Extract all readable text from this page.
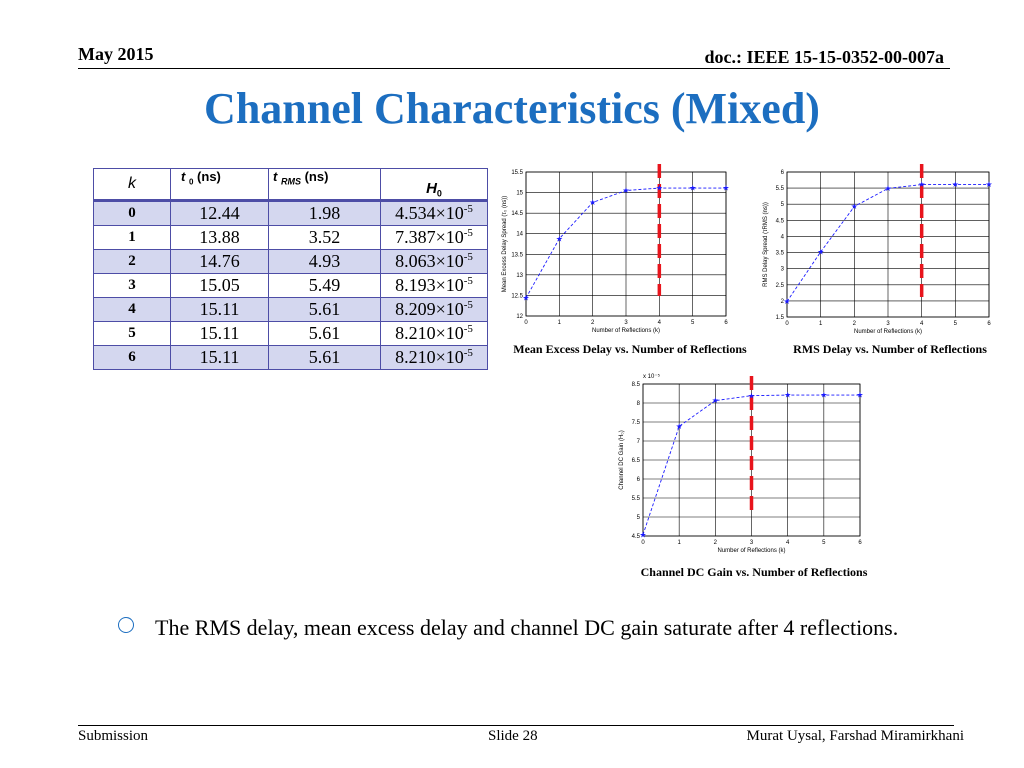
May 2015	doc.: IEEE 15-15-0352-00-007a
Channel Characteristics (Mixed)
k	t $_0$ (ns)	t $_{RMS}$ (ns)	$H_0$
0	12.44	1.98	$4.534\times 10^{-5}$
1	13.88	3.52	$7.387\times 10^{-5}$
2	14.76	4.93	$8.063\times 10^{-5}$
3	15.05	5.49	$8.193\times 10^{-5}$
4	15.11	5.61	$8.209\times 10^{-5}$
5	15.11	5.61	$8.210\times 10^{-5}$
6	15.11	5.61	$8.210\times 10^{-5}$
0	1	2	3	4	5	6
12
12.5
13
13.5
14
14.5
15
15.5
Number of Reflections (k)
Mean Excess Delay Spread (τ₀ (ns))
★
★
★
★	★	★	★
Mean Excess Delay vs. Number of Reflections
0	1	2	3	4	5	6
1.5
2
2.5
3
3.5
4
4.5
5
5.5
6
Number of Reflections (k)
RMS Delay Spread (τRMS (ns))
★
★
★
★	★	★	★
RMS Delay vs. Number of Reflections
0	1	2	3	4	5	6
4.5
5
5.5
6
6.5
7
7.5
8
8.5
Number of Reflections (k)
Channel DC Gain (H₀)
x 10⁻⁵
★
★
★
★	★	★	★
Channel DC Gain vs. Number of Reflections
The RMS delay, mean excess delay and channel DC gain saturate after 4 reflections.
Submission	Slide 28	Murat Uysal, Farshad Miramirkhani
